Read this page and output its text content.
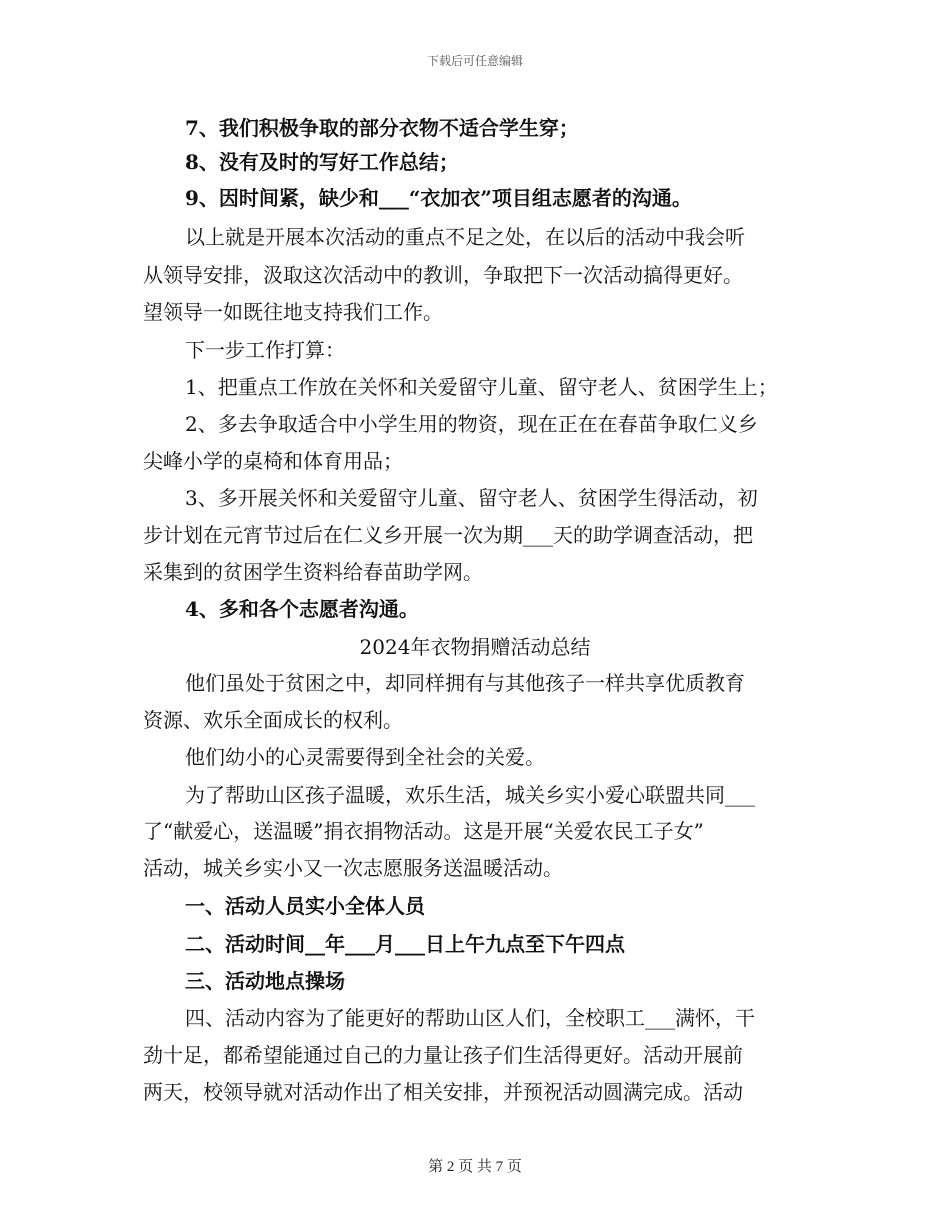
下载后可任意编辑
7、我们积极争取的部分衣物不适合学生穿；
8、没有及时的写好工作总结；
9、因时间紧，缺少和___“衣加衣”项目组志愿者的沟通。
以上就是开展本次活动的重点不足之处，在以后的活动中我会听
从领导安排，汲取这次活动中的教训，争取把下一次活动搞得更好。
望领导一如既往地支持我们工作。
下一步工作打算：
1、把重点工作放在关怀和关爱留守儿童、留守老人、贫困学生上；
2、多去争取适合中小学生用的物资，现在正在在春苗争取仁义乡
尖峰小学的桌椅和体育用品；
3、多开展关怀和关爱留守儿童、留守老人、贫困学生得活动，初
步计划在元宵节过后在仁义乡开展一次为期___天的助学调查活动，把
采集到的贫困学生资料给春苗助学网。
4、多和各个志愿者沟通。
2024年衣物捐赠活动总结
他们虽处于贫困之中，却同样拥有与其他孩子一样共享优质教育
资源、欢乐全面成长的权利。
他们幼小的心灵需要得到全社会的关爱。
为了帮助山区孩子温暖，欢乐生活，城关乡实小爱心联盟共同___
了“献爱心，送温暖”捐衣捐物活动。这是开展“关爱农民工子女”
活动，城关乡实小又一次志愿服务送温暖活动。
一、活动人员实小全体人员
二、活动时间__年___月___日上午九点至下午四点
三、活动地点操场
四、活动内容为了能更好的帮助山区人们，全校职工___满怀，干
劲十足，都希望能通过自己的力量让孩子们生活得更好。活动开展前
两天，校领导就对活动作出了相关安排，并预祝活动圆满完成。活动
第 2 页 共 7 页
